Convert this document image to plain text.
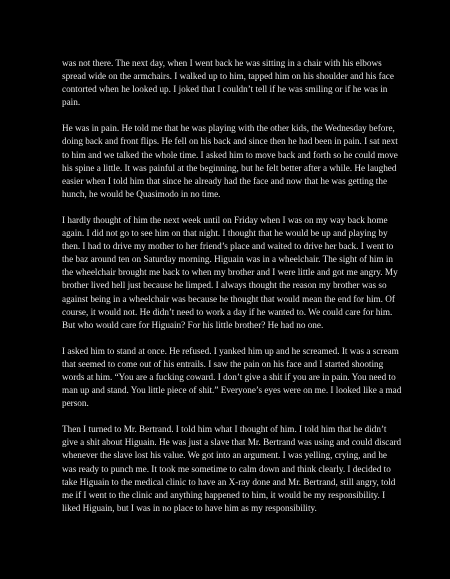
was not there. The next day, when I went back he was sitting in a chair with his elbows spread wide on the armchairs. I walked up to him, tapped him on his shoulder and his face contorted when he looked up. I joked that I couldn’t tell if he was smiling or if he was in pain.

He was in pain. He told me that he was playing with the other kids, the Wednesday before, doing back and front flips. He fell on his back and since then he had been in pain. I sat next to him and we talked the whole time. I asked him to move back and forth so he could move his spine a little. It was painful at the beginning, but he felt better after a while. He laughed easier when I told him that since he already had the face and now that he was getting the hunch, he would be Quasimodo in no time.

I hardly thought of him the next week until on Friday when I was on my way back home again. I did not go to see him on that night. I thought that he would be up and playing by then. I had to drive my mother to her friend’s place and waited to drive her back. I went to the baz around ten on Saturday morning. Higuain was in a wheelchair. The sight of him in the wheelchair brought me back to when my brother and I were little and got me angry. My brother lived hell just because he limped. I always thought the reason my brother was so against being in a wheelchair was because he thought that would mean the end for him. Of course, it would not. He didn’t need to work a day if he wanted to. We could care for him. But who would care for Higuain? For his little brother? He had no one.

I asked him to stand at once. He refused. I yanked him up and he screamed. It was a scream that seemed to come out of his entrails. I saw the pain on his face and I started shooting words at him. “You are a fucking coward. I don’t give a shit if you are in pain. You need to man up and stand. You little piece of shit.” Everyone’s eyes were on me. I looked like a mad person.

Then I turned to Mr. Bertrand. I told him what I thought of him. I told him that he didn’t give a shit about Higuain. He was just a slave that Mr. Bertrand was using and could discard whenever the slave lost his value. We got into an argument. I was yelling, crying, and he was ready to punch me. It took me sometime to calm down and think clearly. I decided to take Higuain to the medical clinic to have an X-ray done and Mr. Bertrand, still angry, told me if I went to the clinic and anything happened to him, it would be my responsibility. I liked Higuain, but I was in no place to have him as my responsibility.
